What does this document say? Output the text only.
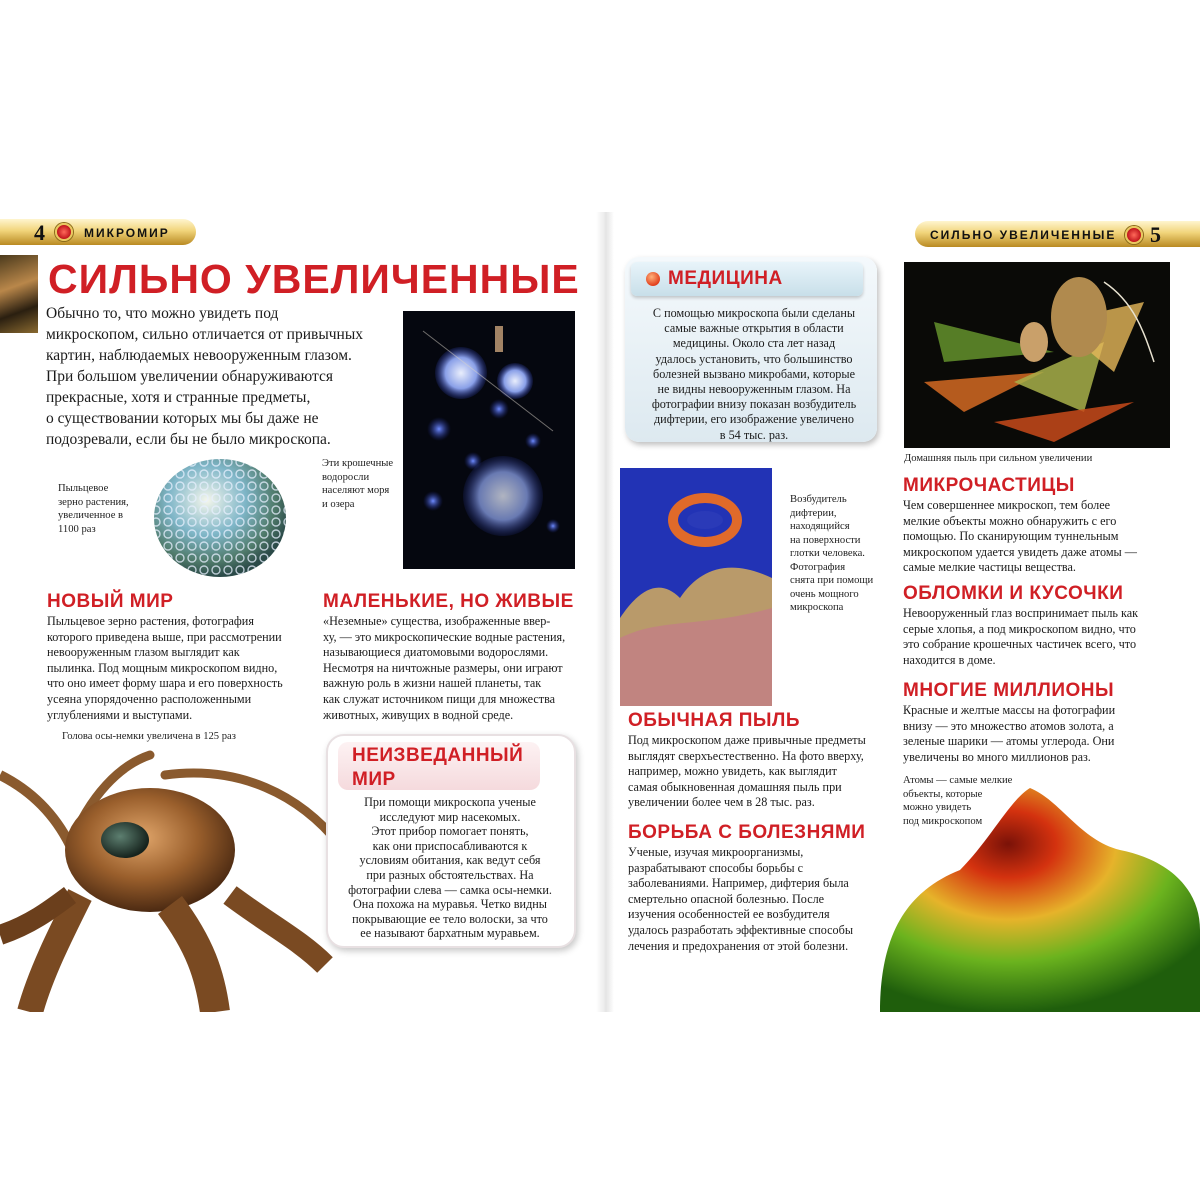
4	МИКРОМИР
СИЛЬНО УВЕЛИЧЕННЫЕ
Обычно то, что можно увидеть под
микроскопом, сильно отличается от привычных
картин, наблюдаемых невооруженным глазом.
При большом увеличении обнаруживаются
прекрасные, хотя и странные предметы,
о существовании которых мы бы даже не
подозревали, если бы не было микроскопа.
Эти крошечные
водоросли
населяют моря
и озера
Пыльцевое
зерно растения,
увеличенное в
1100 раз
НОВЫЙ МИР
Пыльцевое зерно растения, фотография
которого приведена выше, при рассмотрении
невооруженным глазом выглядит как
пылинка. Под мощным микроскопом видно,
что оно имеет форму шара и его поверхность
усеяна упорядоченно расположенными
углублениями и выступами.
МАЛЕНЬКИЕ, НО ЖИВЫЕ
«Неземные» существа, изображенные ввер-
ху, — это микроскопические водные растения,
называющиеся диатомовыми водорослями.
Несмотря на ничтожные размеры, они играют
важную роль в жизни нашей планеты, так
как служат источником пищи для множества
животных, живущих в водной среде.
Голова осы-немки увеличена в 125 раз
НЕИЗВЕДАННЫЙ
МИР
При помощи микроскопа ученые
исследуют мир насекомых.
Этот прибор помогает понять,
как они приспосабливаются к
условиям обитания, как ведут себя
при разных обстоятельствах. На
фотографии слева — самка осы-немки.
Она похожа на муравья. Четко видны
покрывающие ее тело волоски, за что
ее называют бархатным муравьем.
СИЛЬНО УВЕЛИЧЕННЫЕ 5
МЕДИЦИНА
С помощью микроскопа были сделаны
самые важные открытия в области
медицины. Около ста лет назад
удалось установить, что большинство
болезней вызвано микробами, которые
не видны невооруженным глазом. На
фотографии внизу показан возбудитель
дифтерии, его изображение увеличено
в 54 тыс. раз.
Домашняя пыль при сильном увеличении
Возбудитель
дифтерии,
находящийся
на поверхности
глотки человека.
Фотография
снята при помощи
очень мощного
микроскопа
МИКРОЧАСТИЦЫ
Чем совершеннее микроскоп, тем более
мелкие объекты можно обнаружить с его
помощью. По сканирующим туннельным
микроскопом удается увидеть даже атомы —
самые мелкие частицы вещества.
ОБЛОМКИ И КУСОЧКИ
Невооруженный глаз воспринимает пыль как
серые хлопья, а под микроскопом видно, что
это собрание крошечных частичек всего, что
находится в доме.
МНОГИЕ МИЛЛИОНЫ
Красные и желтые массы на фотографии
внизу — это множество атомов золота, а
зеленые шарики — атомы углерода. Они
увеличены во много миллионов раз.
Атомы — самые мелкие
объекты, которые
можно увидеть
под микроскопом
ОБЫЧНАЯ ПЫЛЬ
Под микроскопом даже привычные предметы
выглядят сверхъестественно. На фото вверху,
например, можно увидеть, как выглядит
самая обыкновенная домашняя пыль при
увеличении более чем в 28 тыс. раз.
БОРЬБА С БОЛЕЗНЯМИ
Ученые, изучая микроорганизмы,
разрабатывают способы борьбы с
заболеваниями. Например, дифтерия была
смертельно опасной болезнью. После
изучения особенностей ее возбудителя
удалось разработать эффективные способы
лечения и предохранения от этой болезни.
